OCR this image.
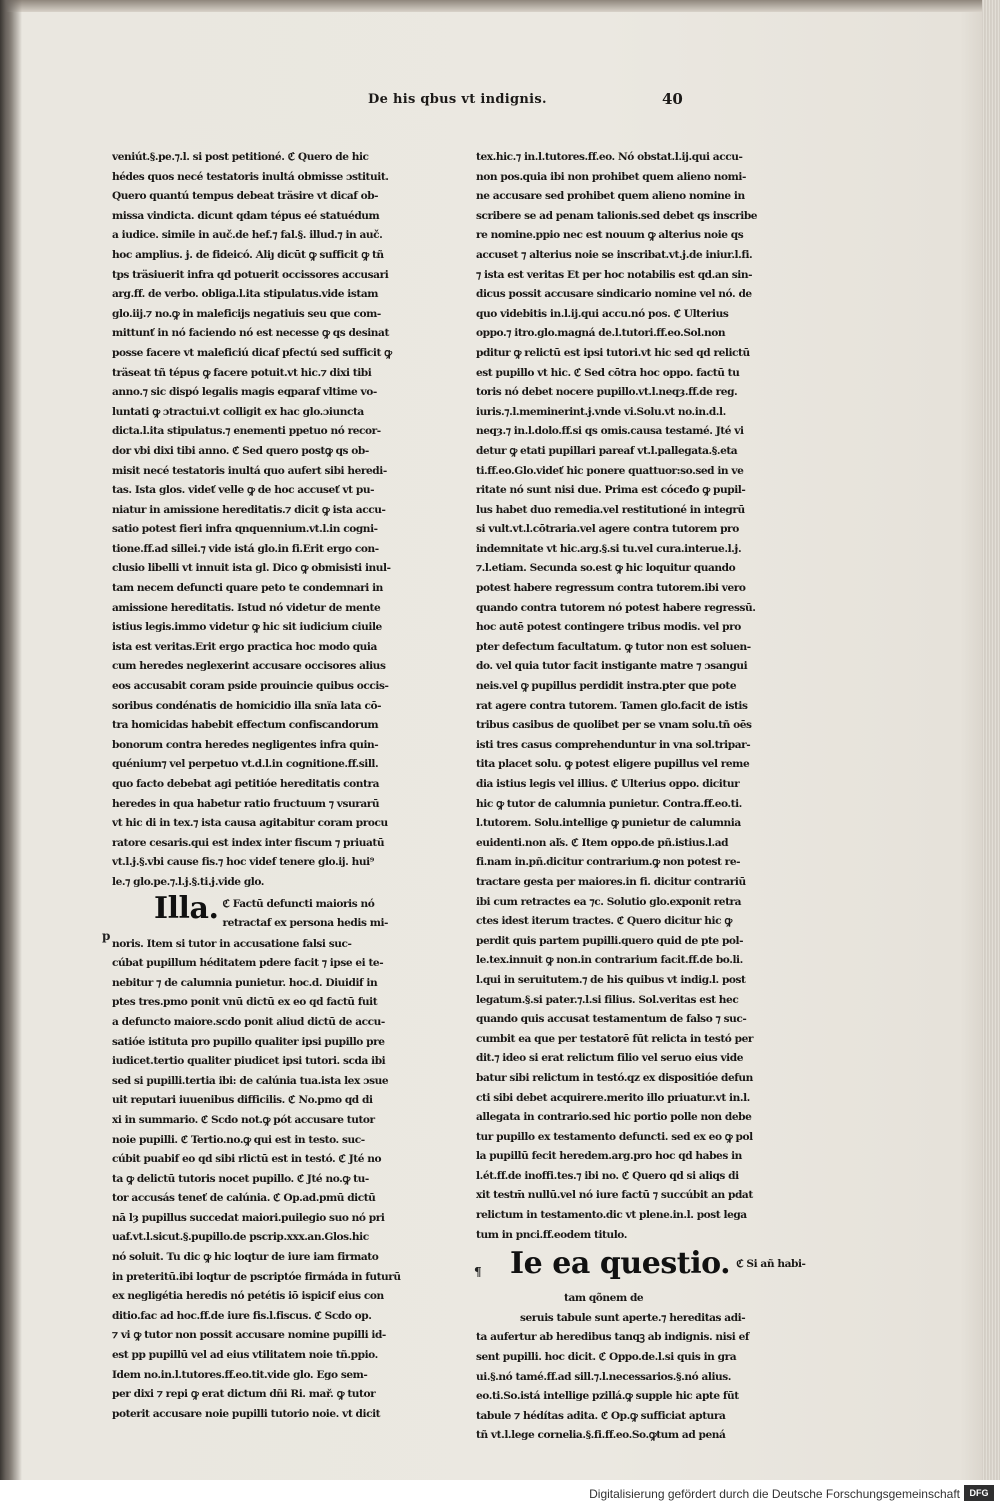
De his qbus vt indignis.	40
veniút.§.pe.⁊.l. si post petitioné. ℭ Quero de hic
hédes quos necé testatoris inultá obmisse ɔstituit.
Quero quantú tempus debeat träsire vt dicaf ob-
missa vindicta. dicunt qdam tépus eé statuédum
a iudice. simile in auč.de hef.⁊ fal.§. illud.⁊ in auč.
hoc amplius. ɉ. de fideicó. Aliȷ dicūt ꝙ sufficit ꝙ tñ
tps träsiuerit infra qd potuerit occissores accusari
arg.ff. de verbo. obliga.l.ita stipulatus.vide istam
glo.iij.⁊ no.ꝙ in maleficijs negatiuis seu que com-
mittunť in nó faciendo nó est necesse ꝙ qs desinat
posse facere vt maleficiú dicaf pfectú sed sufficit ꝙ
träseat tñ tépus ꝙ facere potuit.vt hic.⁊ dixi tibi
anno.⁊ sic dispó legalis magis eqparaf vltime vo-
luntati ꝙ ɔtractui.vt colligit ex hac glo.ɔiuncta
dicta.l.ita stipulatus.⁊ enementi ppetuo nó recor-
dor vbi dixi tibi anno. ℭ Sed quero postꝙ qs ob-
misit necé testatoris inultá quo aufert sibi heredi-
tas. Ista glos. videť velle ꝙ de hoc accuseť vt pu-
niatur in amissione hereditatis.⁊ dicit ꝙ ista accu-
satio potest fieri infra ɋnquennium.vt.l.in cogni-
tione.ff.ad sillei.⁊ vide istá glo.in fi.Erit ergo con-
clusio libelli vt innuit ista gl. Dico ꝙ obmisisti inul-
tam necem defuncti quare peto te condemnari in
amissione hereditatis. Istud nó videtur de mente
istius legis.immo videtur ꝙ hic sit iudicium ciuile
ista est veritas.Erit ergo practica hoc modo quia
cum heredes neglexerint accusare occisores alius
eos accusabit coram pside prouincie quibus occis-
soribus condénatis de homicidio illa snïa lata cō-
tra homicidas habebit effectum confiscandorum
bonorum contra heredes negligentes infra quin-
quénium⁊ vel perpetuo vt.d.l.in cognitione.ff.sill.
quo facto debebat agi petitióe hereditatis contra
heredes in qua habetur ratio fructuum ⁊ vsurarū
vt hic di in tex.⁊ ista causa agitabitur coram procu
ratore cesaris.qui est index inter fiscum ⁊ priuatū
vt.l.ɉ.§.vbi cause fis.⁊ hoc videf tenere glo.ij. hui⁹
le.⁊ glo.pe.⁊.l.ɉ.§.ti.ɉ.vide glo.
p
Illa. ℭ Factū defuncti maioris nó
retractaf ex persona hedis mi-
noris. Item si tutor in accusatione falsi suc-
cúbat pupillum héditatem pdere facit ⁊ ipse ei te-
nebitur ⁊ de calumnia punietur. hoc.d. Diuidif in
ptes tres.pmo ponit vnū dictū ex eo qd factū fuit
a defuncto maiore.scdo ponit aliud dictū de accu-
satióe istituta pro pupillo qualiter ipsi pupillo pre
iudicet.tertio qualiter piudicet ipsi tutori. scda ibi
sed si pupilli.tertia ibi: de calúnia tua.ista lex ɔsue
uit reputari iuuenibus difficilis. ℭ No.pmo qd di
xi in summario. ℭ Scdo not.ꝙ pót accusare tutor
noie pupilli. ℭ Tertio.no.ꝙ qui est in testo. suc-
cúbit puabif eo qd sibi rlictū est in testó. ℭ Jté no
ta ꝙ delictū tutoris nocet pupillo. ℭ Jté no.ꝙ tu-
tor accusás teneť de calúnia. ℭ Op.ad.pmū dictū
nā lȝ pupillus succedat maiori.puilegio suo nó pri
uaf.vt.l.sicut.§.pupillo.de pscrip.xxx.an.Glos.hic
nó soluit. Tu dic ꝙ hic loqtur de iure iam firmato
in preteritū.ibi loqtur de pscriptóe firmáda in futurū
ex negligétia heredis nó petétis iō ispicif eius con
ditio.fac ad hoc.ff.de iure fis.l.fiscus. ℭ Scdo op.
⁊ vi ꝙ tutor non possit accusare nomine pupilli id-
est pp pupillū vel ad eius vtilitatem noie tñ.ppio.
Idem no.in.l.tutores.ff.eo.tit.vide glo. Ego sem-
per dixi ⁊ repi ꝙ erat dictum dñi Ri. mař. ꝙ tutor
poterit accusare noie pupilli tutorio noie. vt dicit
tex.hic.⁊ in.l.tutores.ff.eo. Nó obstat.l.ij.qui accu-
non pos.quia ibi non prohibet quem alieno nomi-
ne accusare sed prohibet quem alieno nomine in
scribere se ad penam talionis.sed debet qs inscribe
re nomine.ppio nec est nouum ꝙ alterius noie qs
accuset ⁊ alterius noie se inscribat.vt.ɉ.de iniur.l.fi.
⁊ ista est veritas Et per hoc notabilis est qd.an sin-
dicus possit accusare sindicario nomine vel nó. de
quo videbitis in.l.ij.qui accu.nó pos. ℭ Ulterius
oppo.⁊ itro.glo.magná de.l.tutori.ff.eo.Sol.non
pditur ꝙ relictū est ipsi tutori.vt hic sed qd relictū
est pupillo vt hic. ℭ Sed cōtra hoc oppo. factū tu
toris nó debet nocere pupillo.vt.l.neqȝ.ff.de reg.
iuris.⁊.l.meminerint.ɉ.vnde vi.Solu.vt no.in.d.l.
neqȝ.⁊ in.l.dolo.ff.si qs omis.causa testamé. Jté vi
detur ꝙ etati pupillari pareaf vt.l.pallegata.§.eta
ti.ff.eo.Glo.videť hic ponere quattuor:so.sed in ve
ritate nó sunt nisi due. Prima est cóceđo ꝙ pupil-
lus habet duo remedia.vel restitutioné in integrū
si vult.vt.l.cōtraria.vel agere contra tutorem pro
indemnitate vt hic.arg.§.si tu.vel cura.interue.l.ɉ.
⁊.l.etiam. Secunda so.est ꝙ hic loquitur quando
potest habere regressum contra tutorem.ibi vero
quando contra tutorem nó potest habere regressū.
hoc autē potest contingere tribus modis. vel pro
pter defectum facultatum. ꝙ tutor non est soluen-
do. vel quia tutor facit instigante matre ⁊ ɔsangui
neis.vel ꝙ pupillus perdidit instra.pter que pote
rat agere contra tutorem. Tamen glo.facit de istis
tribus casibus de quolibet per se vnam solu.tñ oēs
isti tres casus comprehenduntur in vna sol.tripar-
tita placet solu. ꝙ potest eligere pupillus vel reme
dia istius legis vel illius. ℭ Ulterius oppo. dicitur
hic ꝙ tutor de calumnia punietur. Contra.ff.eo.ti.
l.tutorem. Solu.intellige ꝙ punietur de calumnia
euidenti.non aľs. ℭ Item oppo.de pñ.istius.l.ad
fi.nam in.pñ.dicitur contrarium.ꝙ non potest re-
tractare gesta per maiores.in fi. dicitur contrariū
ibi cum retractes ea ⁊c. Solutio glo.exponit retra
ctes idest iterum tractes. ℭ Quero dicitur hic ꝙ
perdit quis partem pupilli.quero quid de pte pol-
le.tex.innuit ꝙ non.in contrarium facit.ff.de bo.li.
l.qui in seruitutem.⁊ de his quibus vt indig.l. post
legatum.§.si pater.⁊.l.si filius. Sol.veritas est hec
quando quis accusat testamentum de falso ⁊ suc-
cumbit ea que per testatorē fūt relicta in testó per
dit.⁊ ideo si erat relictum filio vel seruo eius vide
batur sibi relictum in testó.qz ex dispositióe defun
cti sibi debet acquirere.merito illo priuatur.vt in.l.
allegata in contrario.sed hic portio polle non debe
tur pupillo ex testamento defuncti. sed ex eo ꝙ pol
la pupillū fecit heredem.arg.pro hoc qd habes in
l.ét.ff.de inoffi.tes.⁊ ibi no. ℭ Quero qd si aliqs di
xit testm̄ nullū.vel nó iure factū ⁊ succúbit an pdat
relictum in testamento.dic vt plene.in.l. post lega
tum in pnci.ff.eodem titulo.
¶ Ie ea questio. ℭ Si añ habi-
tam qõnem de
seruis tabule sunt aperte.⁊ hereditas adi-
ta aufertur ab heredibus tanqꝫ ab indignis. nisi ef
sent pupilli. hoc dicit. ℭ Oppo.de.l.si quis in gra
ui.§.nó tamé.ff.ad sill.⁊.l.necessarios.§.nó alius.
eo.ti.So.istá intellige pzillá.ꝙ supple hic apte fūt
tabule ⁊ hédítas adita. ℭ Op.ꝙ sufficiat aptura
tñ vt.l.lege cornelia.§.fi.ff.eo.So.ꝙtum ad pená
Digitalisierung gefördert durch die Deutsche Forschungsgemeinschaft	DFG
